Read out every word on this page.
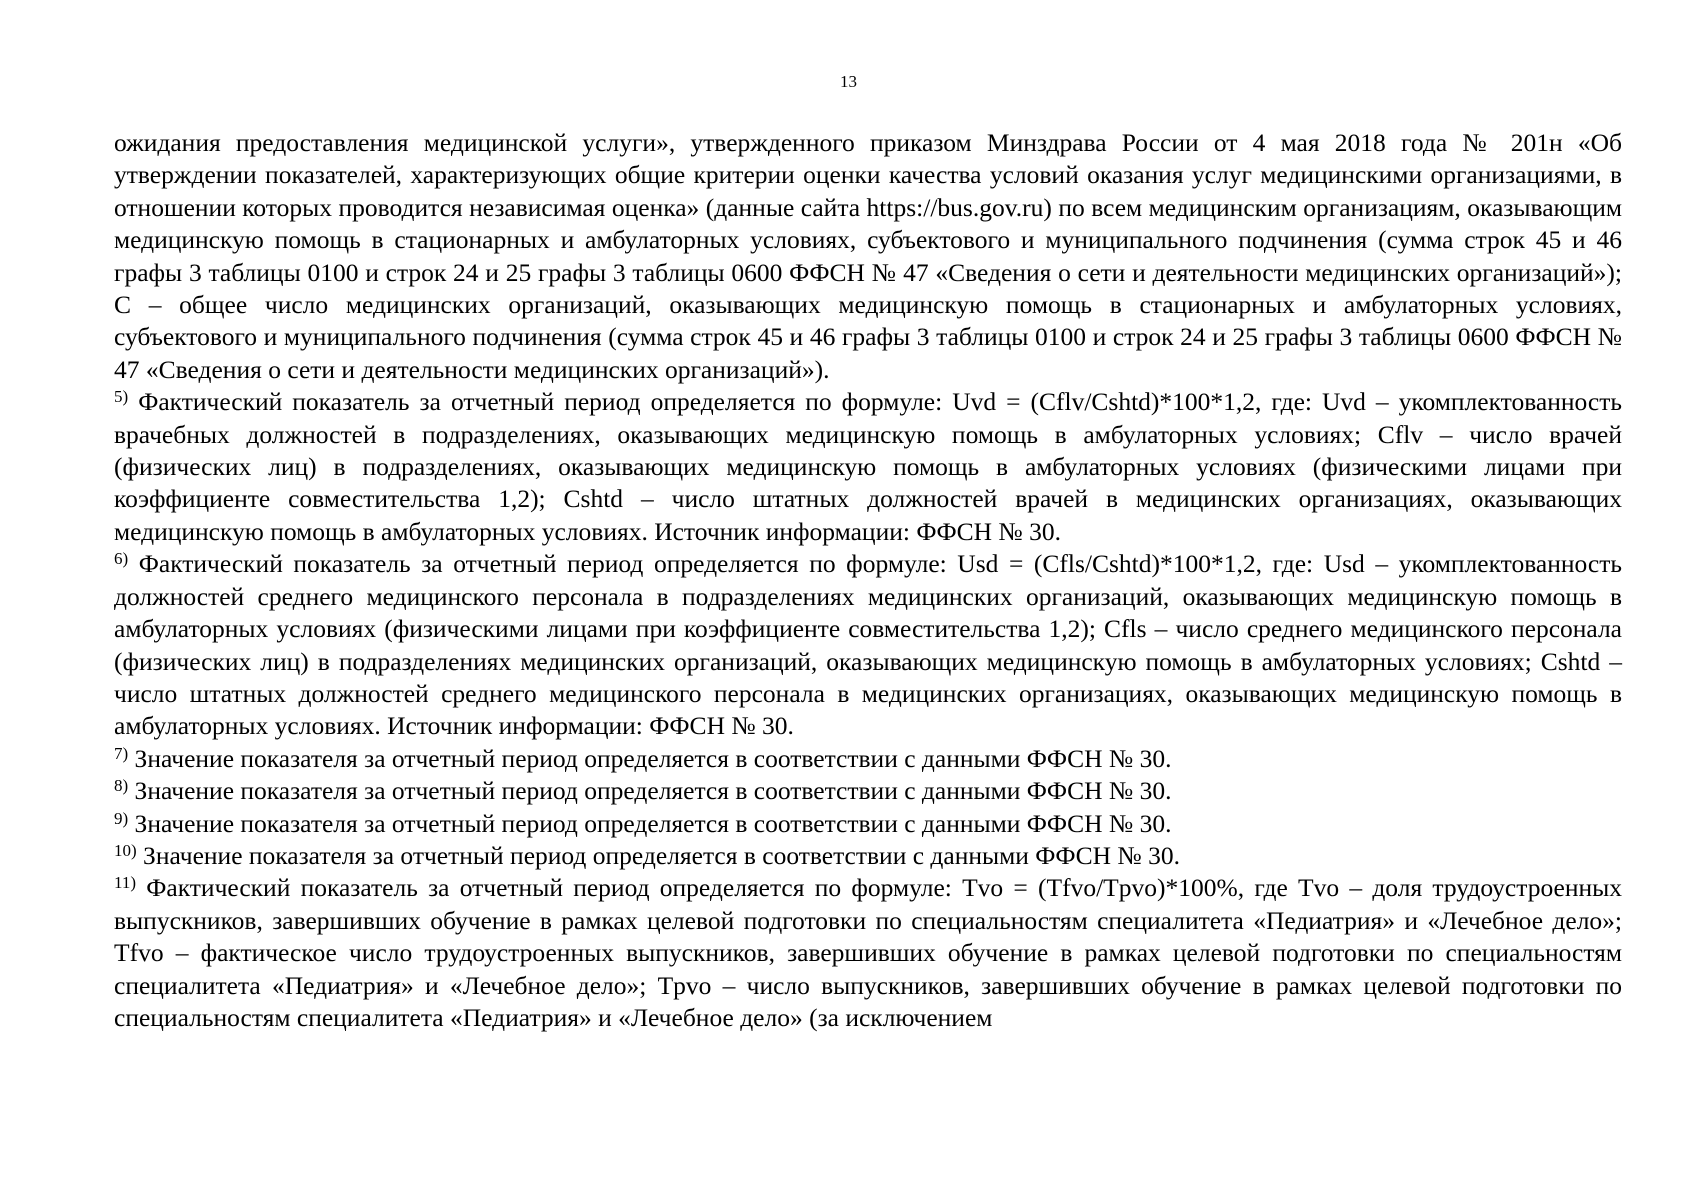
13

ожидания предоставления медицинской услуги», утвержденного приказом Минздрава России от 4 мая 2018 года № 201н «Об утверждении показателей, характеризующих общие критерии оценки качества условий оказания услуг медицинскими организациями, в отношении которых проводится независимая оценка» (данные сайта https://bus.gov.ru) по всем медицинским организациям, оказывающим медицинскую помощь в стационарных и амбулаторных условиях, субъектового и муниципального подчинения (сумма строк 45 и 46 графы 3 таблицы 0100 и строк 24 и 25 графы 3 таблицы 0600 ФФСН № 47 «Сведения о сети и деятельности медицинских организаций»); С – общее число медицинских организаций, оказывающих медицинскую помощь в стационарных и амбулаторных условиях, субъектового и муниципального подчинения (сумма строк 45 и 46 графы 3 таблицы 0100 и строк 24 и 25 графы 3 таблицы 0600 ФФСН № 47 «Сведения о сети и деятельности медицинских организаций»).

$^{5)}$ Фактический показатель за отчетный период определяется по формуле: Uvd = (Cflv/Cshtd)*100*1,2, где: Uvd – укомплектованность врачебных должностей в подразделениях, оказывающих медицинскую помощь в амбулаторных условиях; Cflv – число врачей (физических лиц) в подразделениях, оказывающих медицинскую помощь в амбулаторных условиях (физическими лицами при коэффициенте совместительства 1,2); Cshtd – число штатных должностей врачей в медицинских организациях, оказывающих медицинскую помощь в амбулаторных условиях. Источник информации: ФФСН № 30.

$^{6)}$ Фактический показатель за отчетный период определяется по формуле: Usd = (Cfls/Cshtd)*100*1,2, где: Usd – укомплектованность должностей среднего медицинского персонала в подразделениях медицинских организаций, оказывающих медицинскую помощь в амбулаторных условиях (физическими лицами при коэффициенте совместительства 1,2); Cfls – число среднего медицинского персонала (физических лиц) в подразделениях медицинских организаций, оказывающих медицинскую помощь в амбулаторных условиях; Cshtd – число штатных должностей среднего медицинского персонала в медицинских организациях, оказывающих медицинскую помощь в амбулаторных условиях. Источник информации: ФФСН № 30.

$^{7)}$ Значение показателя за отчетный период определяется в соответствии с данными ФФСН № 30.

$^{8)}$ Значение показателя за отчетный период определяется в соответствии с данными ФФСН № 30.

$^{9)}$ Значение показателя за отчетный период определяется в соответствии с данными ФФСН № 30.

$^{10)}$ Значение показателя за отчетный период определяется в соответствии с данными ФФСН № 30.

$^{11)}$ Фактический показатель за отчетный период определяется по формуле: Tvo = (Tfvo/Tpvo)*100%, где Tvo – доля трудоустроенных выпускников, завершивших обучение в рамках целевой подготовки по специальностям специалитета «Педиатрия» и «Лечебное дело»; Tfvo – фактическое число трудоустроенных выпускников, завершивших обучение в рамках целевой подготовки по специальностям специалитета «Педиатрия» и «Лечебное дело»; Tpvo – число выпускников, завершивших обучение в рамках целевой подготовки по специальностям специалитета «Педиатрия» и «Лечебное дело» (за исключением
